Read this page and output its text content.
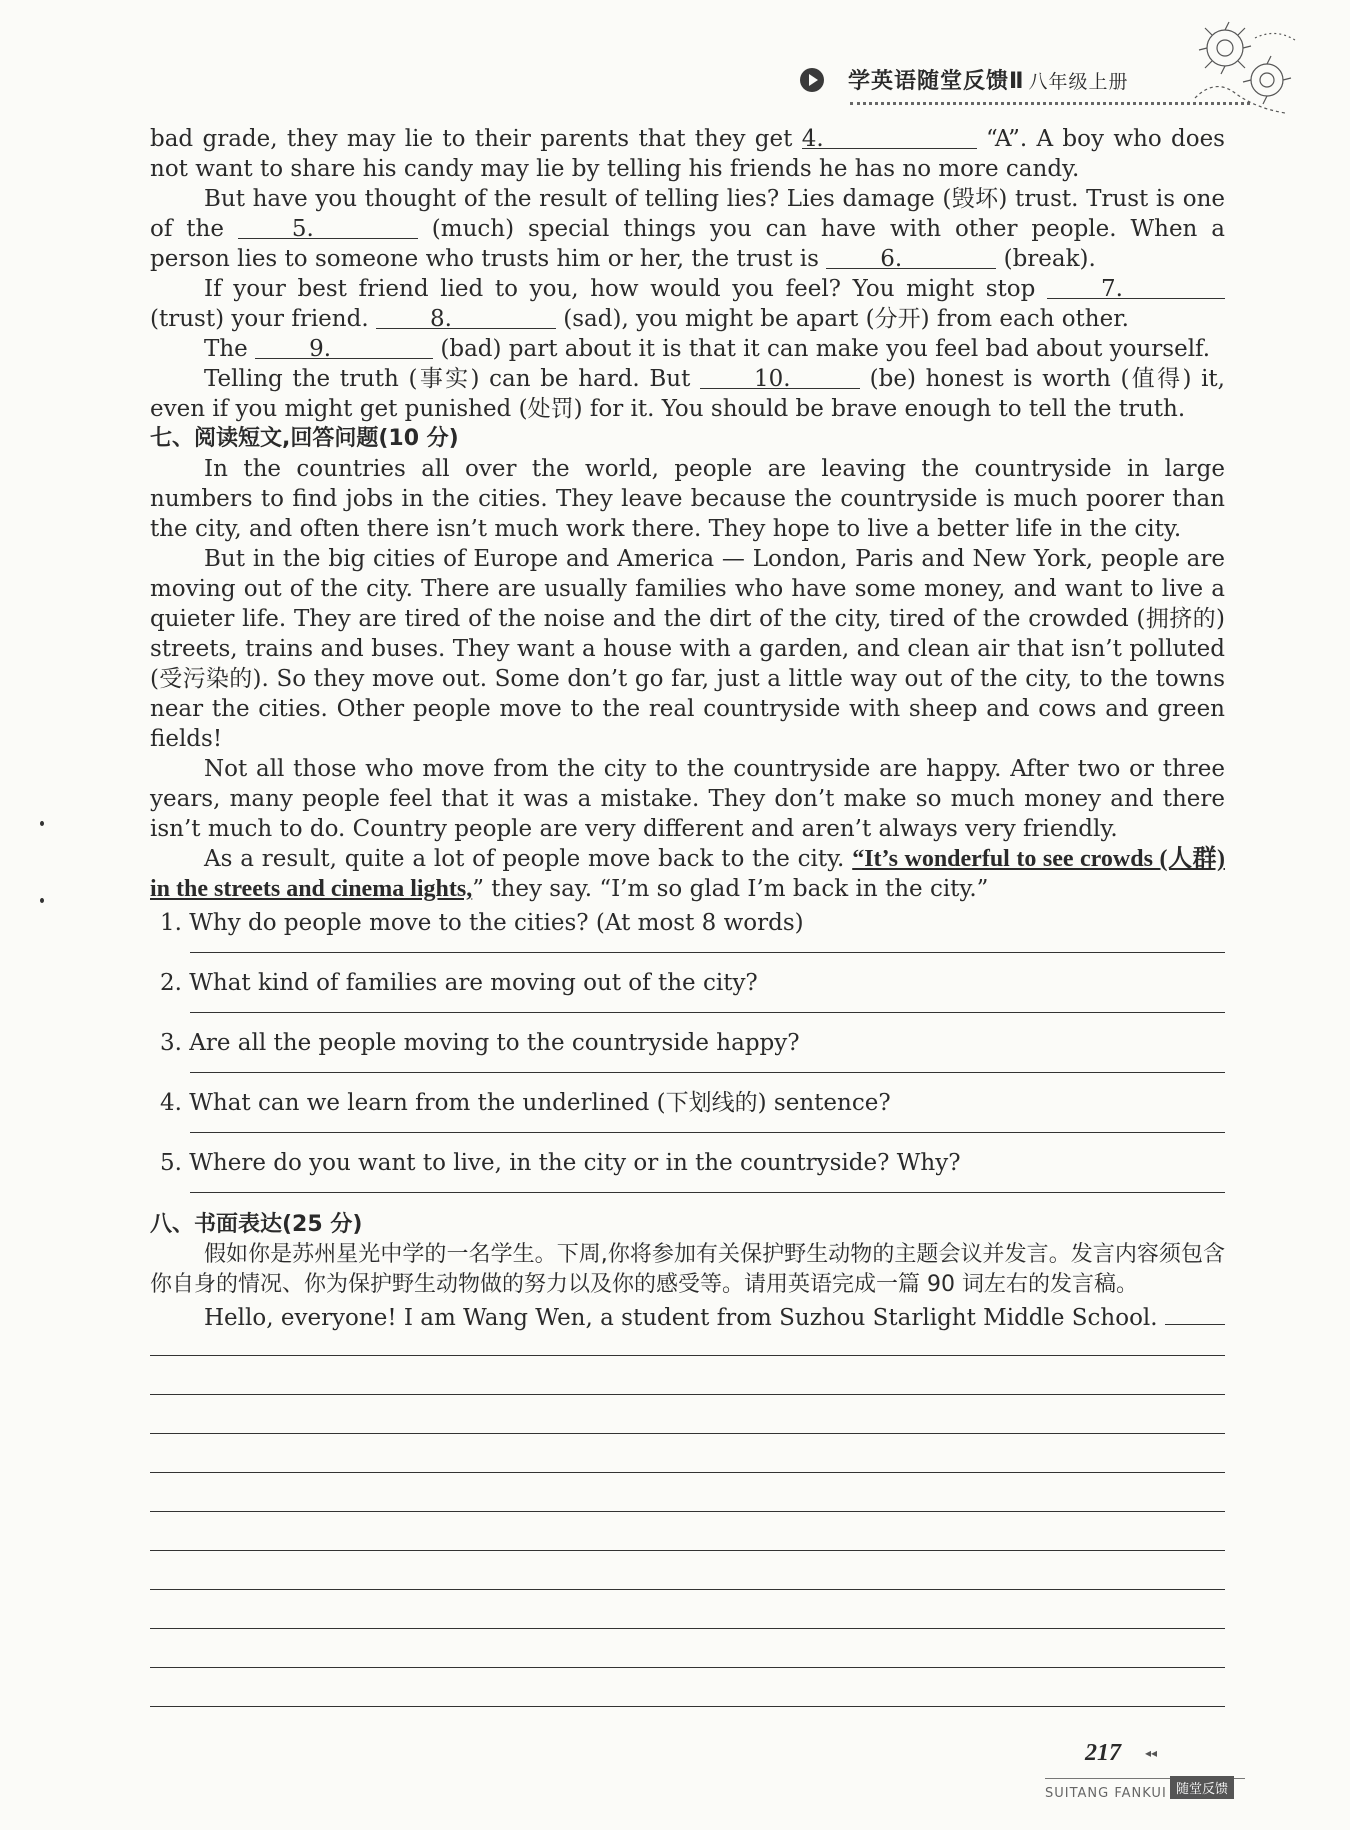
学英语随堂反馈Ⅱ 八年级上册

bad grade, they may lie to their parents that they get 4.	“A”. A boy who does not want to share his candy may lie by telling his friends he has no more candy.

But have you thought of the result of telling lies? Lies damage (毁坏) trust. Trust is one of the 5.	(much) special things you can have with other people. When a person lies to someone who trusts him or her, the trust is 6.	(break).

If your best friend lied to you, how would you feel? You might stop 7. (trust) your friend. 8.	(sad), you might be apart (分开) from each other.

The 9.	(bad) part about it is that it can make you feel bad about yourself.

Telling the truth (事实) can be hard. But 10.	(be) honest is worth (值得) it, even if you might get punished (处罚) for it. You should be brave enough to tell the truth.

七、阅读短文,回答问题(10 分)

In the countries all over the world, people are leaving the countryside in large numbers to find jobs in the cities. They leave because the countryside is much poorer than the city, and often there isn’t much work there. They hope to live a better life in the city.

But in the big cities of Europe and America — London, Paris and New York, people are moving out of the city. There are usually families who have some money, and want to live a quieter life. They are tired of the noise and the dirt of the city, tired of the crowded (拥挤的) streets, trains and buses. They want a house with a garden, and clean air that isn’t polluted (受污染的). So they move out. Some don’t go far, just a little way out of the city, to the towns near the cities. Other people move to the real countryside with sheep and cows and green fields!

Not all those who move from the city to the countryside are happy. After two or three years, many people feel that it was a mistake. They don’t make so much money and there isn’t much to do. Country people are very different and aren’t always very friendly.

As a result, quite a lot of people move back to the city. “It’s wonderful to see crowds (人群) in the streets and cinema lights,” they say. “I’m so glad I’m back in the city.”

1. Why do people move to the cities? (At most 8 words)
2. What kind of families are moving out of the city?
3. Are all the people moving to the countryside happy?
4. What can we learn from the underlined (下划线的) sentence?
5. Where do you want to live, in the city or in the countryside? Why?

八、书面表达(25 分)

假如你是苏州星光中学的一名学生。下周,你将参加有关保护野生动物的主题会议并发言。发言内容须包含你自身的情况、你为保护野生动物做的努力以及你的感受等。请用英语完成一篇 90 词左右的发言稿。

Hello, everyone! I am Wang Wen, a student from Suzhou Starlight Middle School.

217 ◂◂
SUITANG FANKUI 随堂反馈
